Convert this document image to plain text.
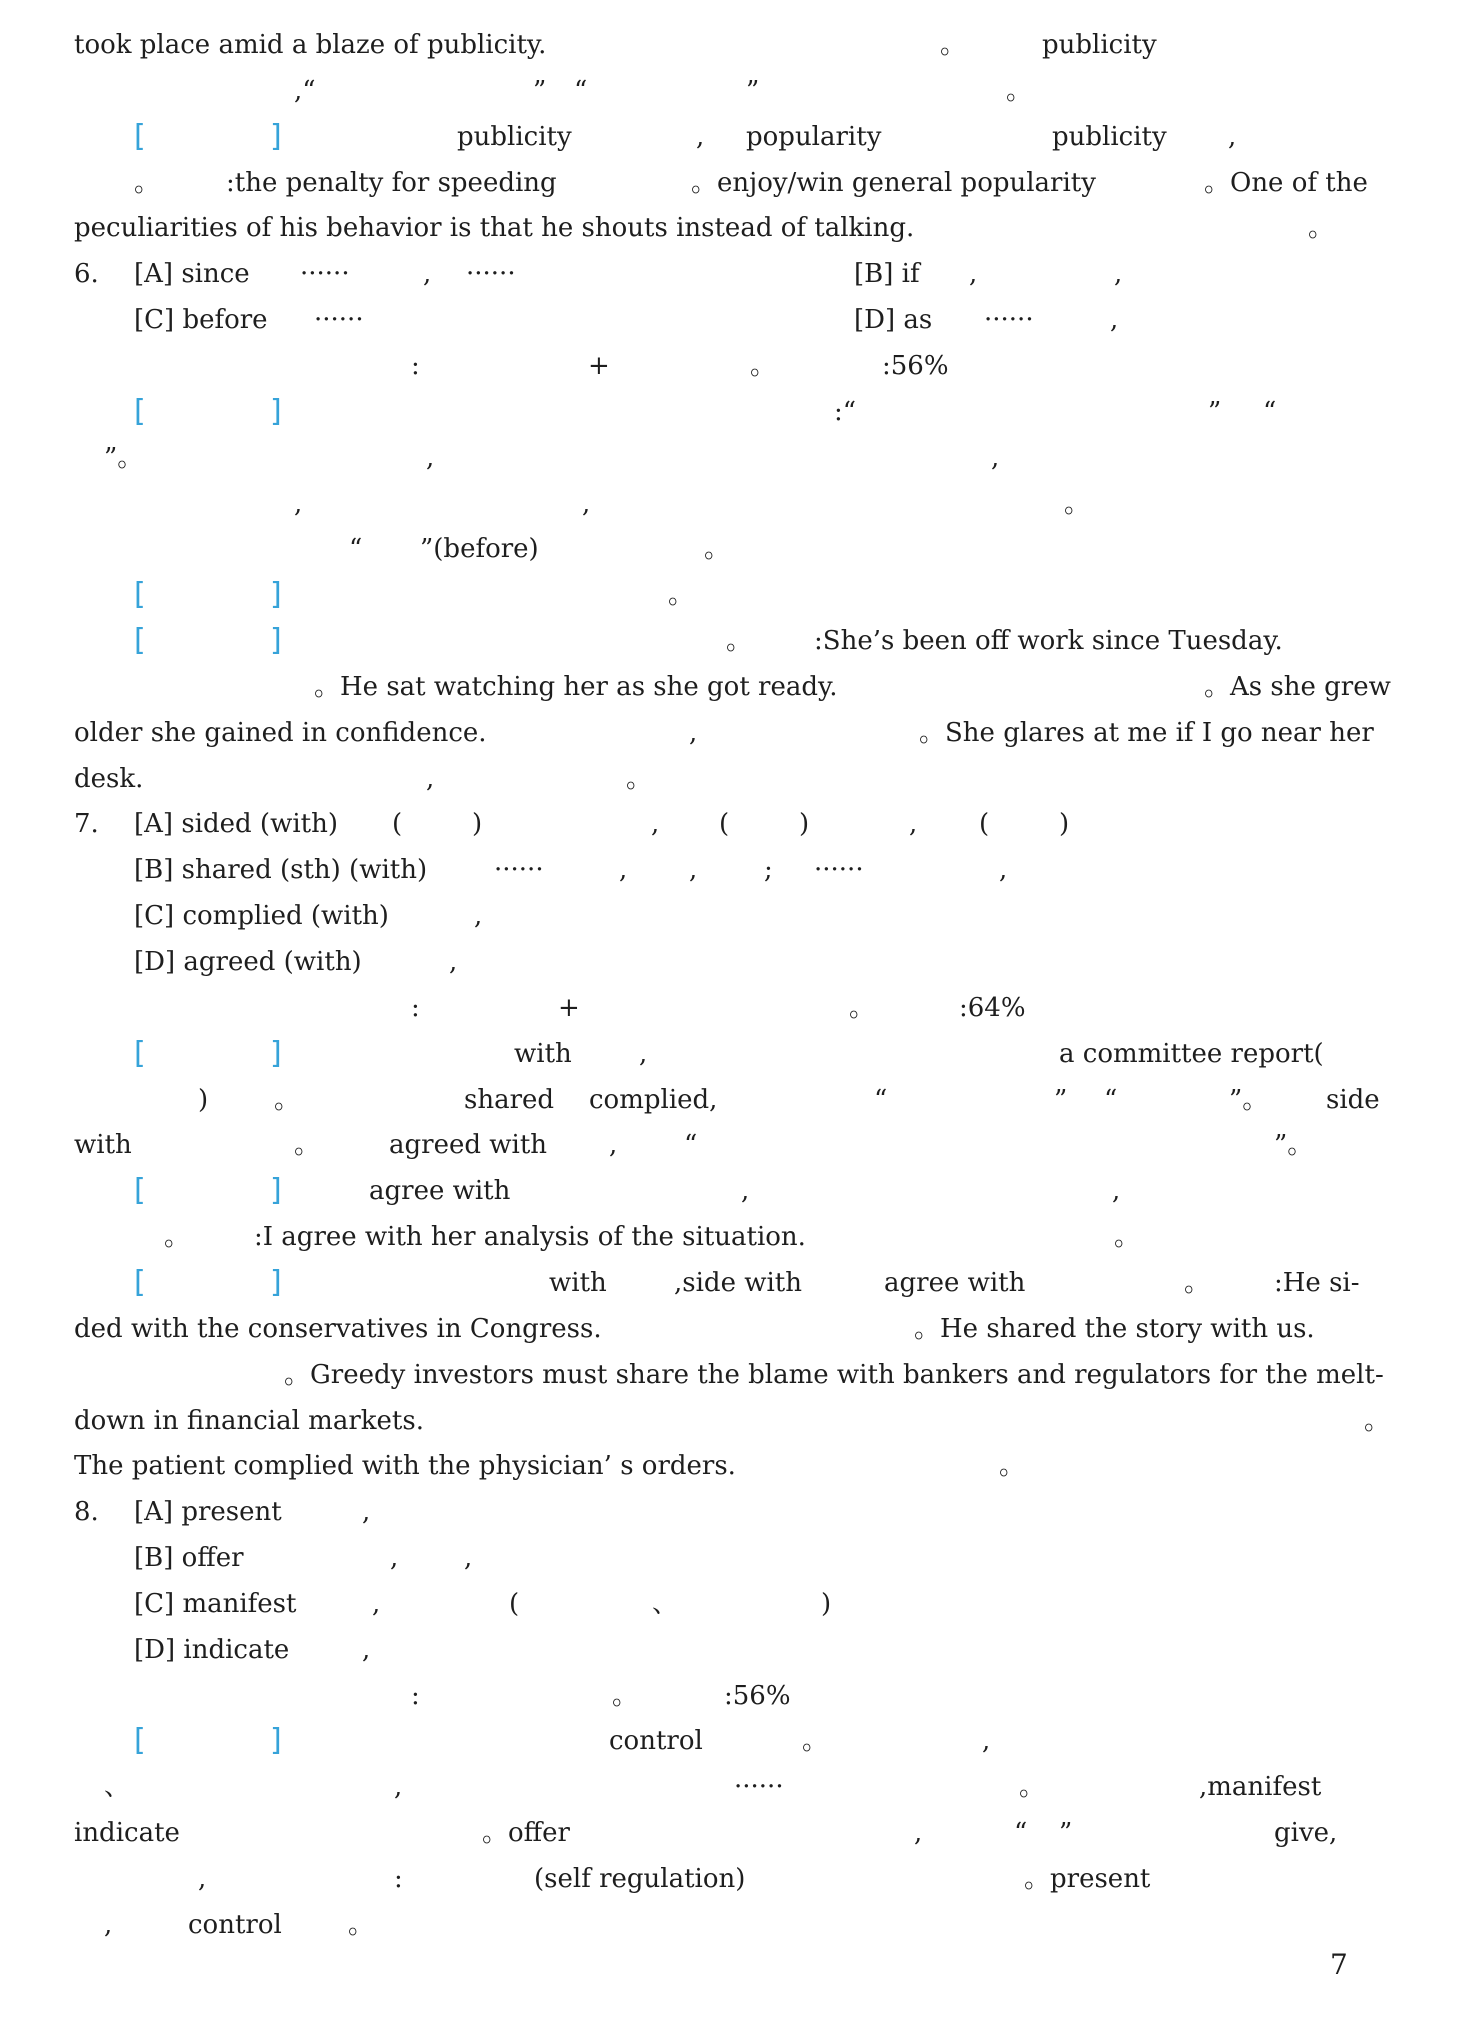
7
took place amid a blaze of publicity.	。	publicity
,“	” “	”	。
[	]	publicity	, popularity	publicity ,
。	:the penalty for speeding	。enjoy/win general popularity	。One of the
peculiarities of his behavior is that he shouts instead of talking.	。
6. [A] since ······	, ······	[B] if ,	,
[C] before ······	[D] as ······	,
:	+	。	:56%
[	]	:“	” “
”。	,	,
,	,	。
“ ”(before)	。
[	]	。
[	]	。 :She’s been off work since Tuesday.
。He sat watching her as she got ready.	。As she grew
older she gained in confidence.	,	。She glares at me if I go near her
desk.	,	。
7. [A] sided (with) (	)	, (	)	, (	)
[B] shared (sth) (with)	······	, ,	; ······	,
[C] complied (with)	,
[D] agreed (with)	,
:	+	。	:64%
[	]	with	,	a committee report(
)	。	shared complied,	“	” “	”。 side
with	。	agreed with ,	“	”。
[	]	agree with	,	,
。 :I agree with her analysis of the situation.	。
[	]	with	,side with	agree with	。 :He si-
ded with the conservatives in Congress.	。He shared the story with us.
。Greedy investors must share the blame with bankers and regulators for the melt-
down in financial markets.	。
The patient complied with the physician’ s orders.	。
8. [A] present	,
[B] offer	,	,
[C] manifest	,	(	、	)
[D] indicate	,
:	。	:56%
[	]	control	。	,
、	,	······	。	,manifest
indicate	。offer	,	“ ”	give,
,	:	(self regulation)	。present
,	control	。
